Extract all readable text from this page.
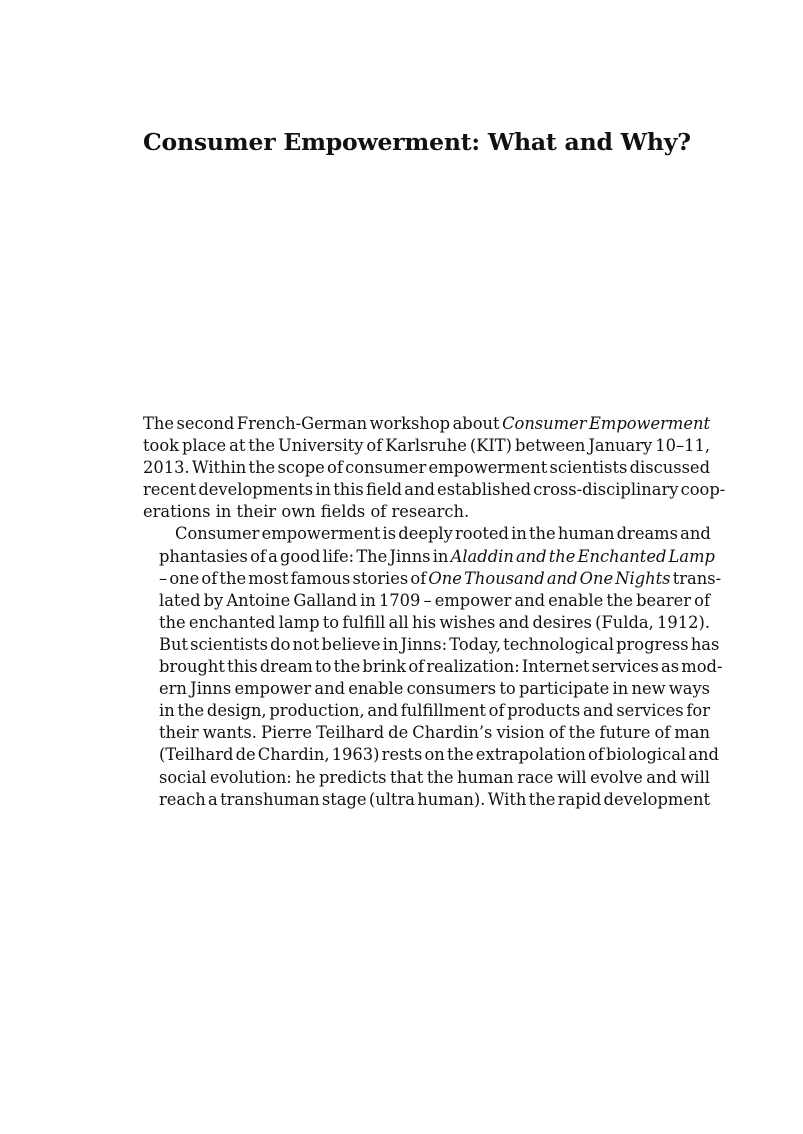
Consumer Empowerment: What and Why?

The second French-German workshop about Consumer Empowerment
took place at the University of Karlsruhe (KIT) between January 10–11,
2013. Within the scope of consumer empowerment scientists discussed
recent developments in this field and established cross-disciplinary coop-
erations in their own fields of research.

Consumer empowerment is deeply rooted in the human dreams and
phantasies of a good life: The Jinns in Aladdin and the Enchanted Lamp
– one of the most famous stories of One Thousand and One Nights trans-
lated by Antoine Galland in 1709 – empower and enable the bearer of
the enchanted lamp to fulfill all his wishes and desires (Fulda, 1912).
But scientists do not believe in Jinns: Today, technological progress has
brought this dream to the brink of realization: Internet services as mod-
ern Jinns empower and enable consumers to participate in new ways
in the design, production, and fulfillment of products and services for
their wants. Pierre Teilhard de Chardin’s vision of the future of man
(Teilhard de Chardin, 1963) rests on the extrapolation of biological and
social evolution: he predicts that the human race will evolve and will
reach a transhuman stage (ultra human). With the rapid development
